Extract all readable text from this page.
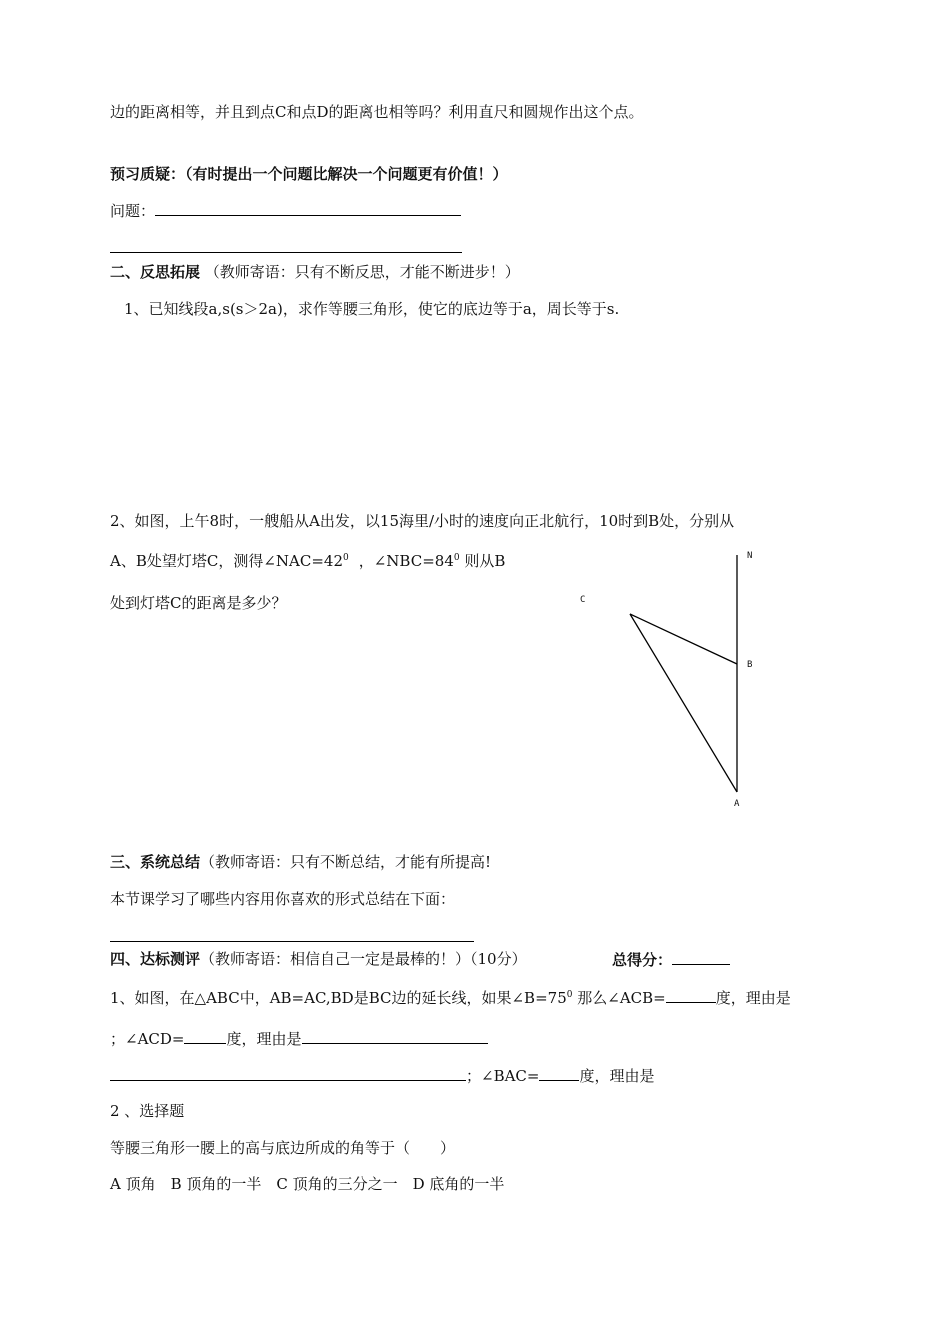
边的距离相等，并且到点C和点D的距离也相等吗？利用直尺和圆规作出这个点。
预习质疑：（有时提出一个问题比解决一个问题更有价值！）
问题：
二、反思拓展 （教师寄语：只有不断反思，才能不断进步！）
1、已知线段a,s(s＞2a)，求作等腰三角形，使它的底边等于a，周长等于s.
2、如图，上午8时，一艘船从A出发，以15海里/小时的速度向正北航行，10时到B处，分别从
A、B处望灯塔C，测得$\angle NAC=42^0$ ，$\angle NBC=84^0$ 则从B
处到灯塔C的距离是多少？
N
C
B
A
三、系统总结（教师寄语：只有不断总结，才能有所提高!
本节课学习了哪些内容用你喜欢的形式总结在下面：
四、达标测评（教师寄语：相信自己一定是最棒的！）（10分）	总得分：
1、如图，在△ABC中，AB=AC,BD是BC边的延长线，如果$\angle B=75^0$ 那么∠ACB=	度，理由是
；∠ACD=	度，理由是
；∠BAC=	度，理由是
2 、选择题
等腰三角形一腰上的高与底边所成的角等于（　　）
A 顶角　B 顶角的一半　C 顶角的三分之一　D 底角的一半
